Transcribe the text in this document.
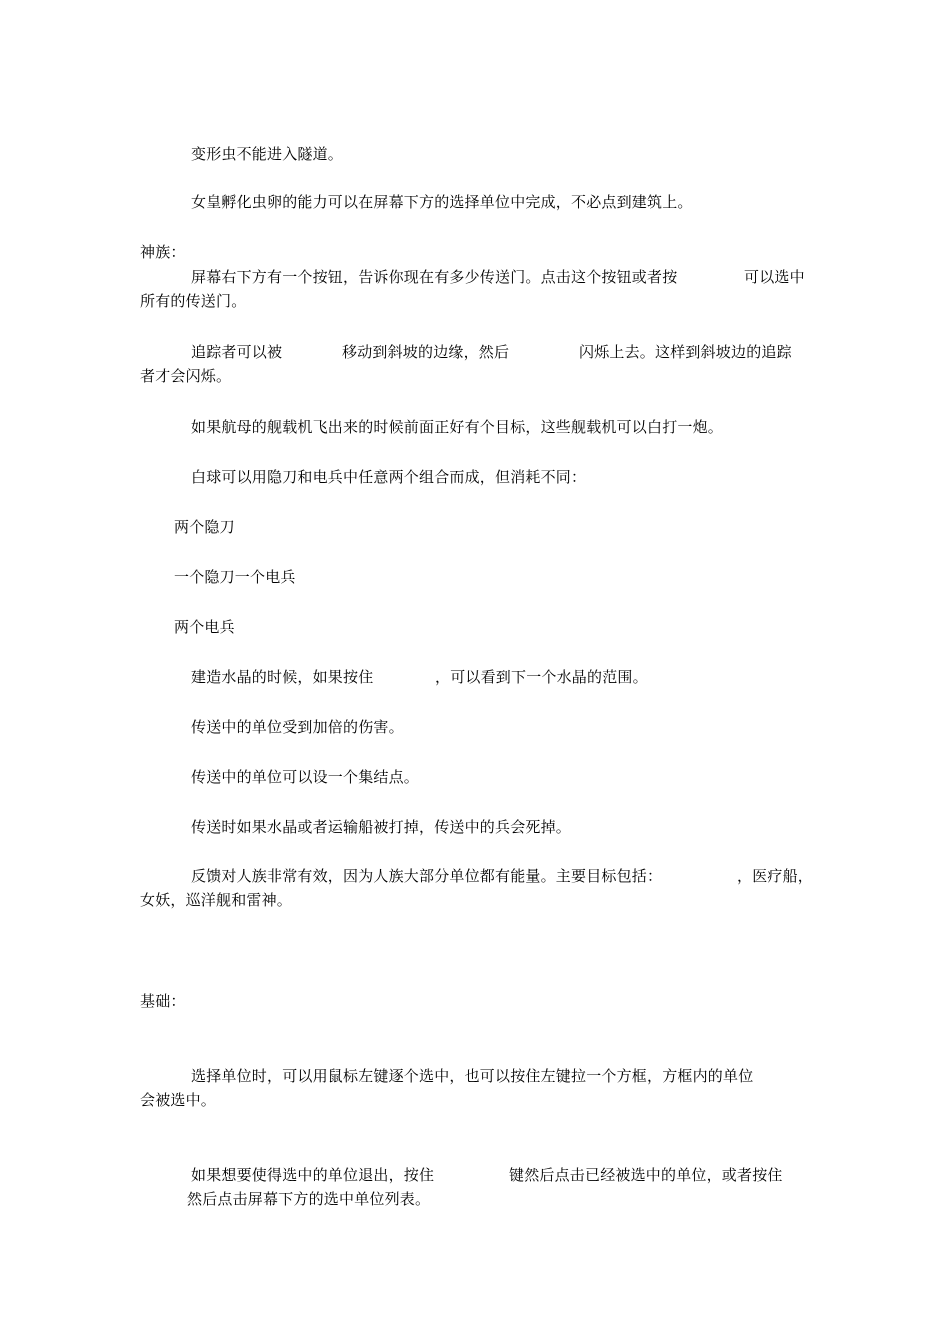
变形虫不能进入隧道。
女皇孵化虫卵的能力可以在屏幕下方的选择单位中完成，不必点到建筑上。
神族：
屏幕右下方有一个按钮，告诉你现在有多少传送门。点击这个按钮或者按	可以选中
所有的传送门。
追踪者可以被	移动到斜坡的边缘，然后	闪烁上去。这样到斜坡边的追踪
者才会闪烁。
如果航母的舰载机飞出来的时候前面正好有个目标，这些舰载机可以白打一炮。
白球可以用隐刀和电兵中任意两个组合而成，但消耗不同：
两个隐刀
一个隐刀一个电兵
两个电兵
建造水晶的时候，如果按住	，可以看到下一个水晶的范围。
传送中的单位受到加倍的伤害。
传送中的单位可以设一个集结点。
传送时如果水晶或者运输船被打掉，传送中的兵会死掉。
反馈对人族非常有效，因为人族大部分单位都有能量。主要目标包括：	，医疗船，
女妖，巡洋舰和雷神。
基础：
选择单位时，可以用鼠标左键逐个选中，也可以按住左键拉一个方框，方框内的单位
会被选中。
如果想要使得选中的单位退出，按住	键然后点击已经被选中的单位，或者按住
然后点击屏幕下方的选中单位列表。
